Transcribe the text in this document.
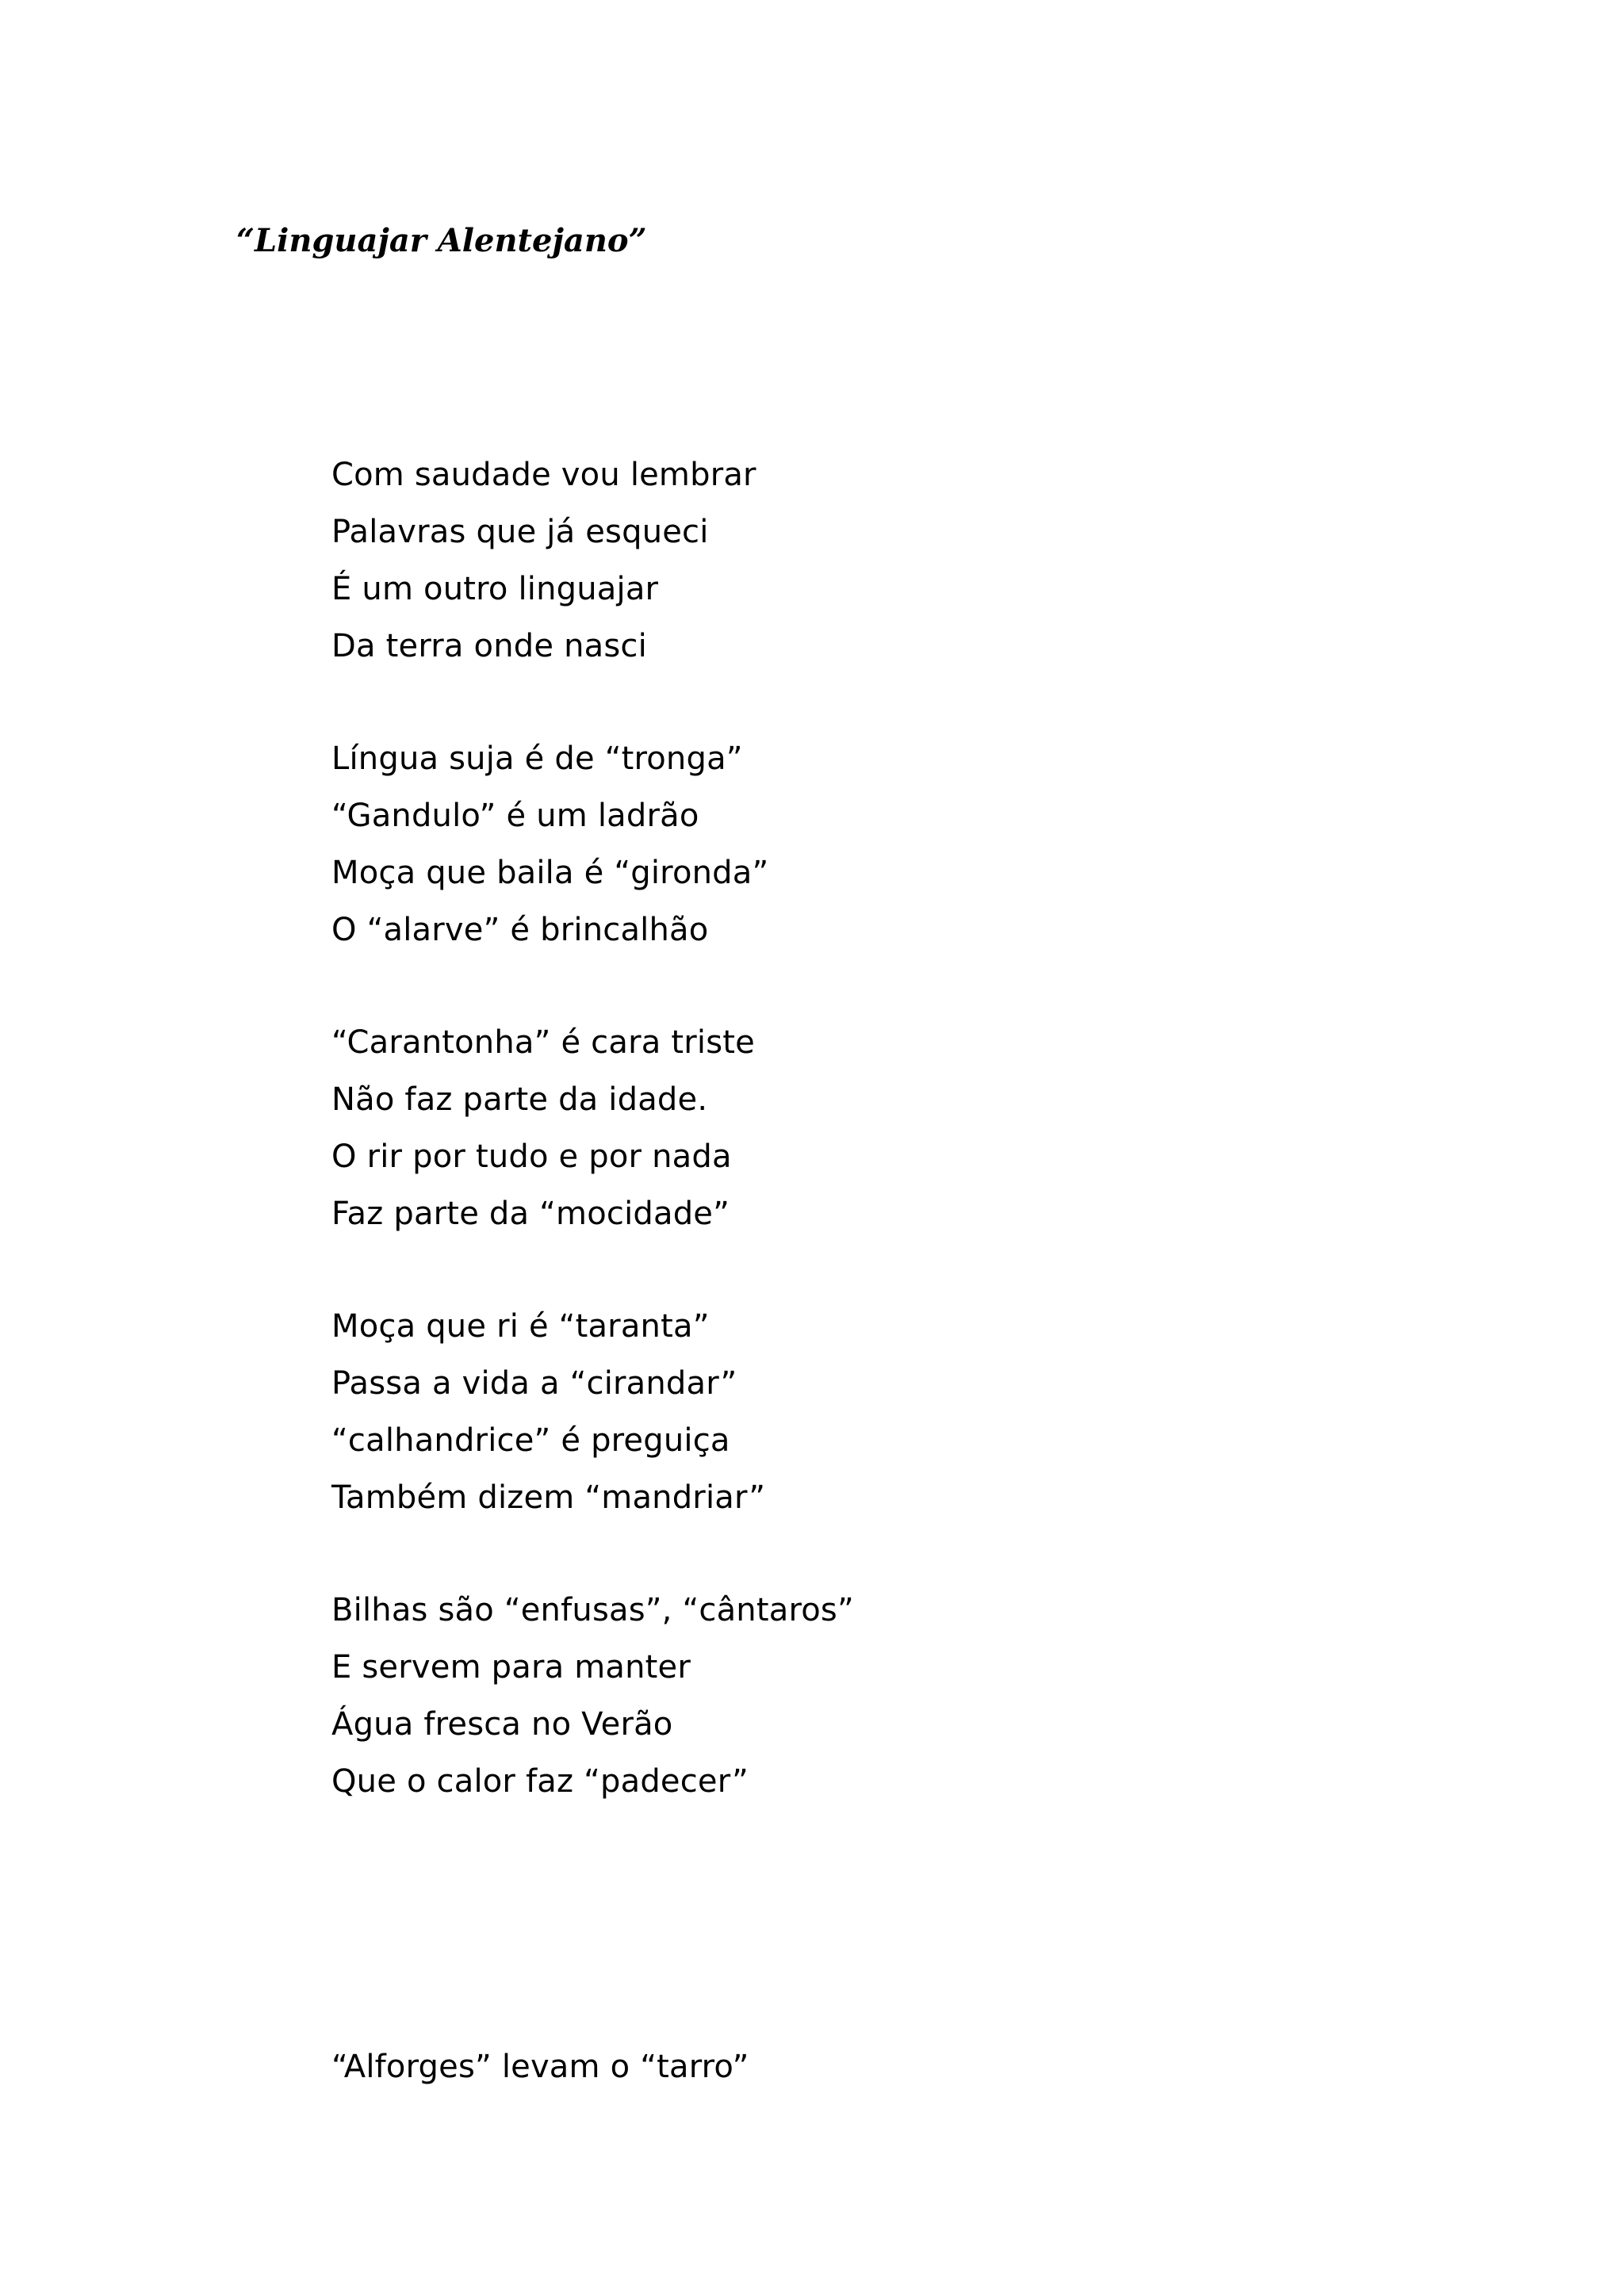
“Linguajar Alentejano”
Com saudade vou lembrar
Palavras que já esqueci
É um outro linguajar
Da terra onde nasci
Língua suja é de “tronga”
“Gandulo” é um ladrão
Moça que baila é “gironda”
O “alarve” é brincalhão
“Carantonha” é cara triste
Não faz parte da idade.
O rir por tudo e por nada
Faz parte da “mocidade”
Moça que ri é “taranta”
Passa a vida a “cirandar”
“calhandrice” é preguiça
Também dizem “mandriar”
Bilhas são “enfusas”, “cântaros”
E servem para manter
Água fresca no Verão
Que o calor faz “padecer”
“Alforges” levam o “tarro”
